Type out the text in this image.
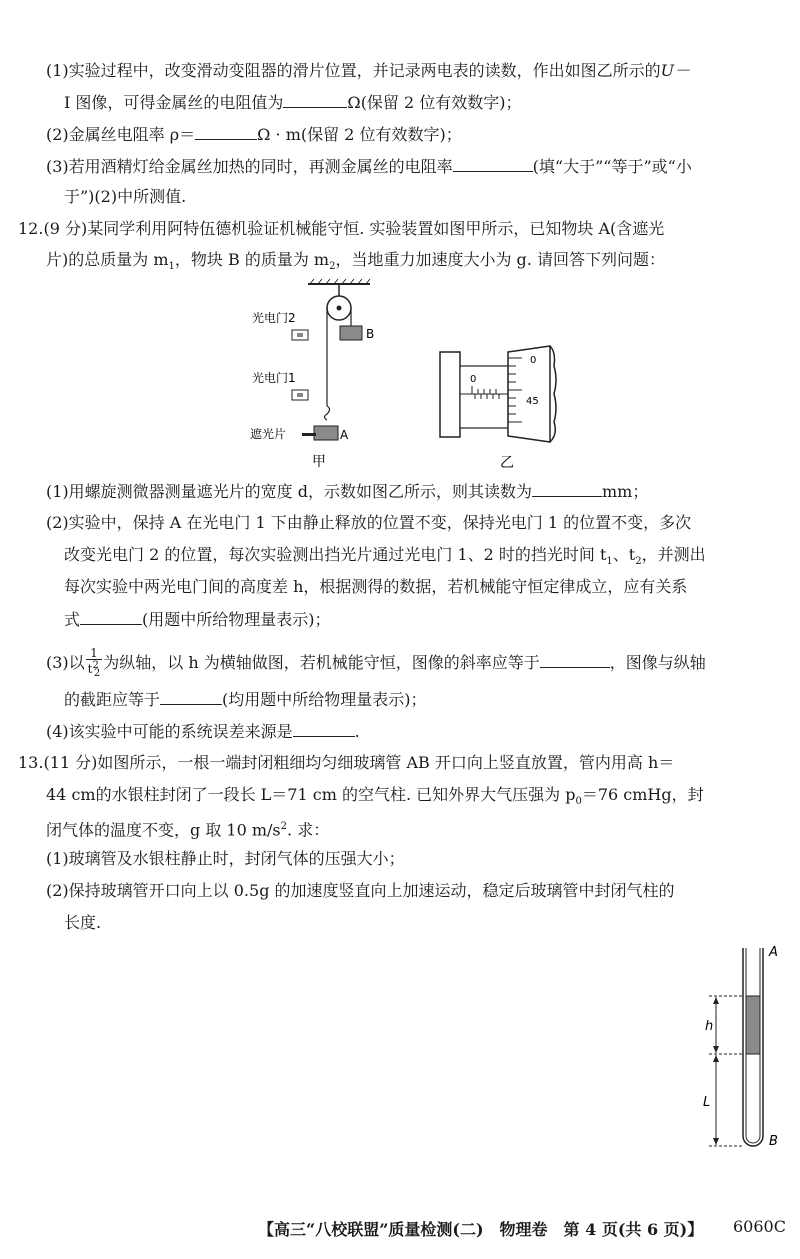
(1)实验过程中，改变滑动变阻器的滑片位置，并记录两电表的读数，作出如图乙所示的U－
I 图像，可得金属丝的电阻值为	Ω(保留 2 位有效数字)；
(2)金属丝电阻率 ρ＝	Ω · m(保留 2 位有效数字)；
(3)若用酒精灯给金属丝加热的同时，再测金属丝的电阻率	(填“大于”“等于”或“小
于”)(2)中所测值.
12.(9 分)某同学利用阿特伍德机验证机械能守恒. 实验装置如图甲所示，已知物块 A(含遮光
片)的总质量为 $m_1$，物块 B 的质量为 $m_2$，当地重力加速度大小为 g. 请回答下列问题：
B
光电门2
光电门1
A
遮光片
甲
0
0
45
乙
(1)用螺旋测微器测量遮光片的宽度 d，示数如图乙所示，则其读数为	mm；
(2)实验中，保持 A 在光电门 1 下由静止释放的位置不变，保持光电门 1 的位置不变，多次
改变光电门 2 的位置，每次实验测出挡光片通过光电门 1、2 时的挡光时间 $t_1$、$t_2$，并测出
每次实验中两光电门间的高度差 h，根据测得的数据，若机械能守恒定律成立，应有关系
式	(用题中所给物理量表示)；
(3)以 $\frac{1}{t^2_2}$ 为纵轴，以 h 为横轴做图，若机械能守恒，图像的斜率应等于	，图像与纵轴
的截距应等于	(均用题中所给物理量表示)；
(4)该实验中可能的系统误差来源是	.
13.(11 分)如图所示，一根一端封闭粗细均匀细玻璃管 AB 开口向上竖直放置，管内用高 h＝
44 cm的水银柱封闭了一段长 L＝71 cm 的空气柱. 已知外界大气压强为 $p_0=76$ cmHg，封
闭气体的温度不变，g 取 10 $m/s^2$. 求：
(1)玻璃管及水银柱静止时，封闭气体的压强大小；
(2)保持玻璃管开口向上以 0.5g 的加速度竖直向上加速运动，稳定后玻璃管中封闭气柱的
长度.
A
B
h
L
【高三“八校联盟”质量检测(二)　物理卷　第 4 页(共 6 页)】 6060C
